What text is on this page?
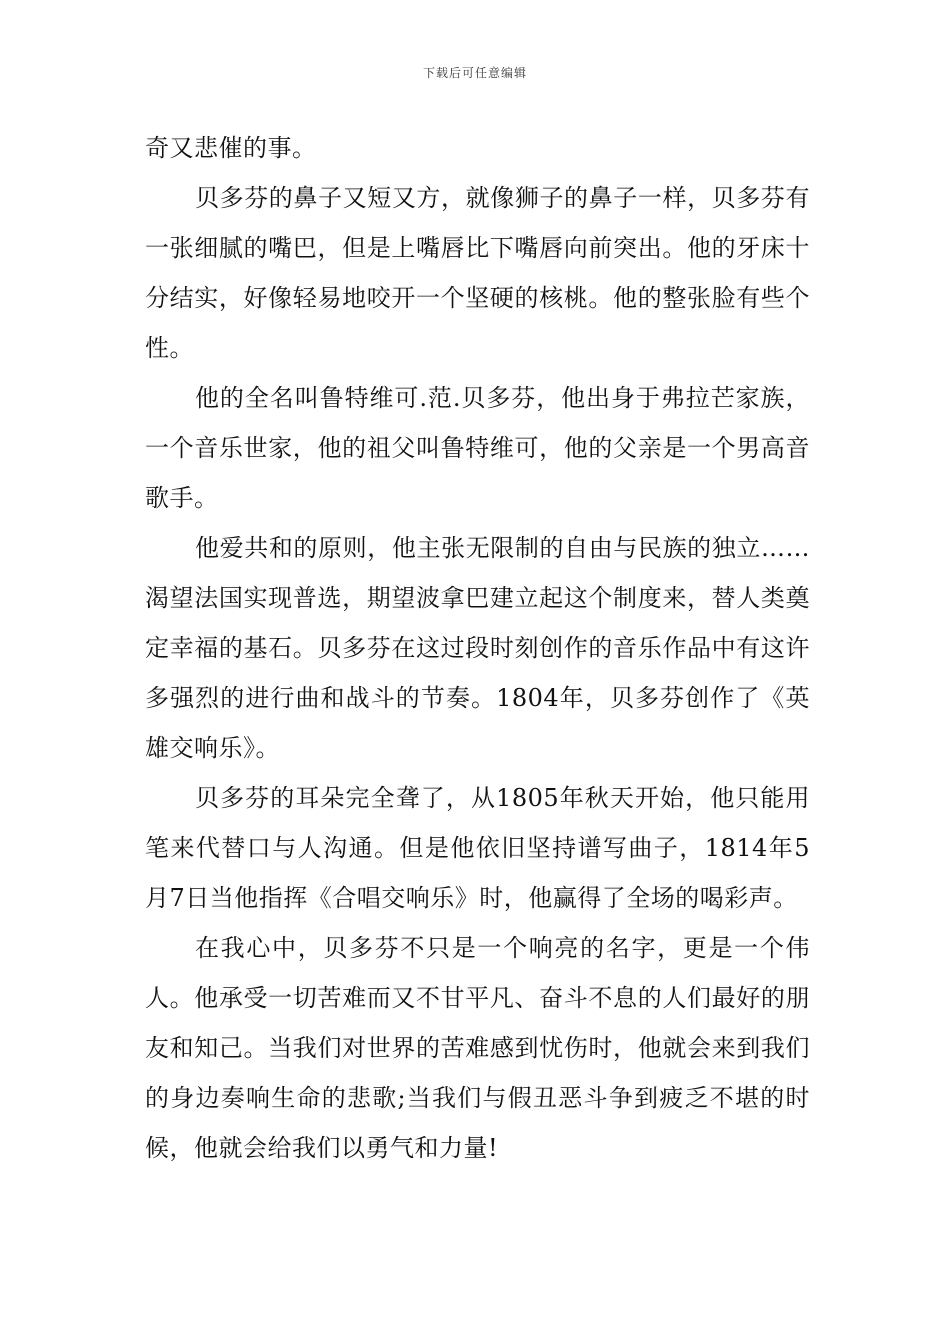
下载后可任意编辑

奇又悲催的事。

贝多芬的鼻子又短又方，就像狮子的鼻子一样，贝多芬有一张细腻的嘴巴，但是上嘴唇比下嘴唇向前突出。他的牙床十分结实，好像轻易地咬开一个坚硬的核桃。他的整张脸有些个性。

他的全名叫鲁特维可.范.贝多芬，他出身于弗拉芒家族，一个音乐世家，他的祖父叫鲁特维可，他的父亲是一个男高音歌手。

他爱共和的原则，他主张无限制的自由与民族的独立……渴望法国实现普选，期望波拿巴建立起这个制度来，替人类奠定幸福的基石。贝多芬在这过段时刻创作的音乐作品中有这许多强烈的进行曲和战斗的节奏。1804年，贝多芬创作了《英雄交响乐》。

贝多芬的耳朵完全聋了，从1805年秋天开始，他只能用笔来代替口与人沟通。但是他依旧坚持谱写曲子，1814年5月7日当他指挥《合唱交响乐》时，他赢得了全场的喝彩声。

在我心中，贝多芬不只是一个响亮的名字，更是一个伟人。他承受一切苦难而又不甘平凡、奋斗不息的人们最好的朋友和知己。当我们对世界的苦难感到忧伤时，他就会来到我们的身边奏响生命的悲歌;当我们与假丑恶斗争到疲乏不堪的时候，他就会给我们以勇气和力量!
